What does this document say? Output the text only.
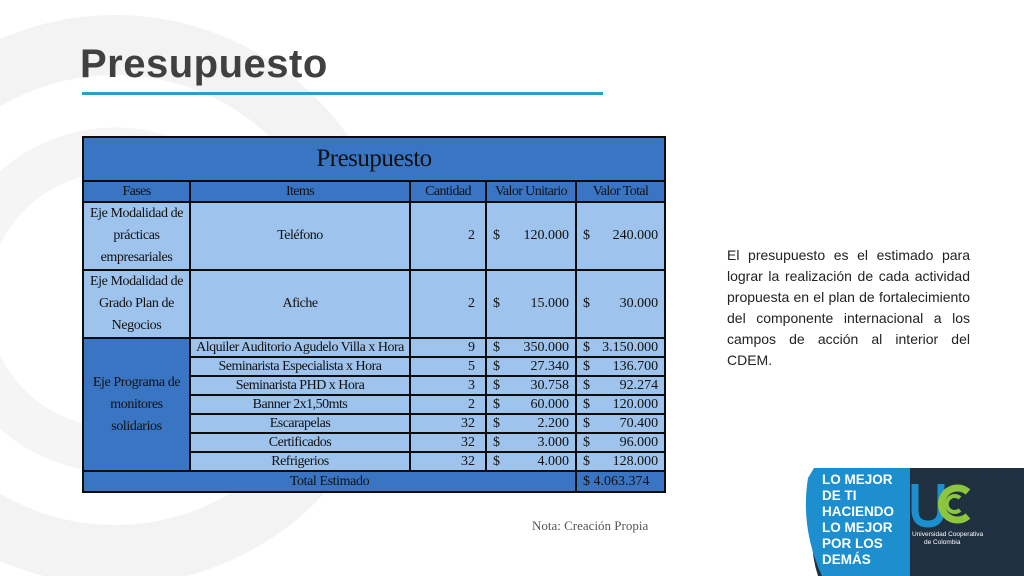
Presupuesto
Presupuesto				
Fases	Items	Cantidad	Valor Unitario	Valor Total
Eje Modalidad de prácticas empresariales	Teléfono	2	$ 120.000	$ 240.000

Eje Modalidad de Grado Plan de Negocios	Afiche	2	$ 15.000	$ 30.000

Eje Programa de monitores solidarios	Alquiler Auditorio Agudelo Villa x Hora	9	$ 350.000	$ 3.150.000

	Seminarista Especialista x Hora	5	$ 27.340	$ 136.700

	Seminarista PHD x Hora	3	$ 30.758	$ 92.274

	Banner 2x1,50mts	2	$ 60.000	$ 120.000

	Escarapelas	32	$ 2.200	$ 70.400

	Certificados	32	$ 3.000	$ 96.000

	Refrigerios	32	$ 4.000	$ 128.000

Total Estimado				$ 4.063.374
Nota: Creación Propia
El presupuesto es el estimado para lograr la realización de cada actividad propuesta en el plan de fortalecimiento del componente internacional a los campos de acción al interior del CDEM.
LO MEJOR
DE TI
HACIENDO
LO MEJOR
POR LOS
DEMÁS
Universidad Cooperativa
de Colombia
